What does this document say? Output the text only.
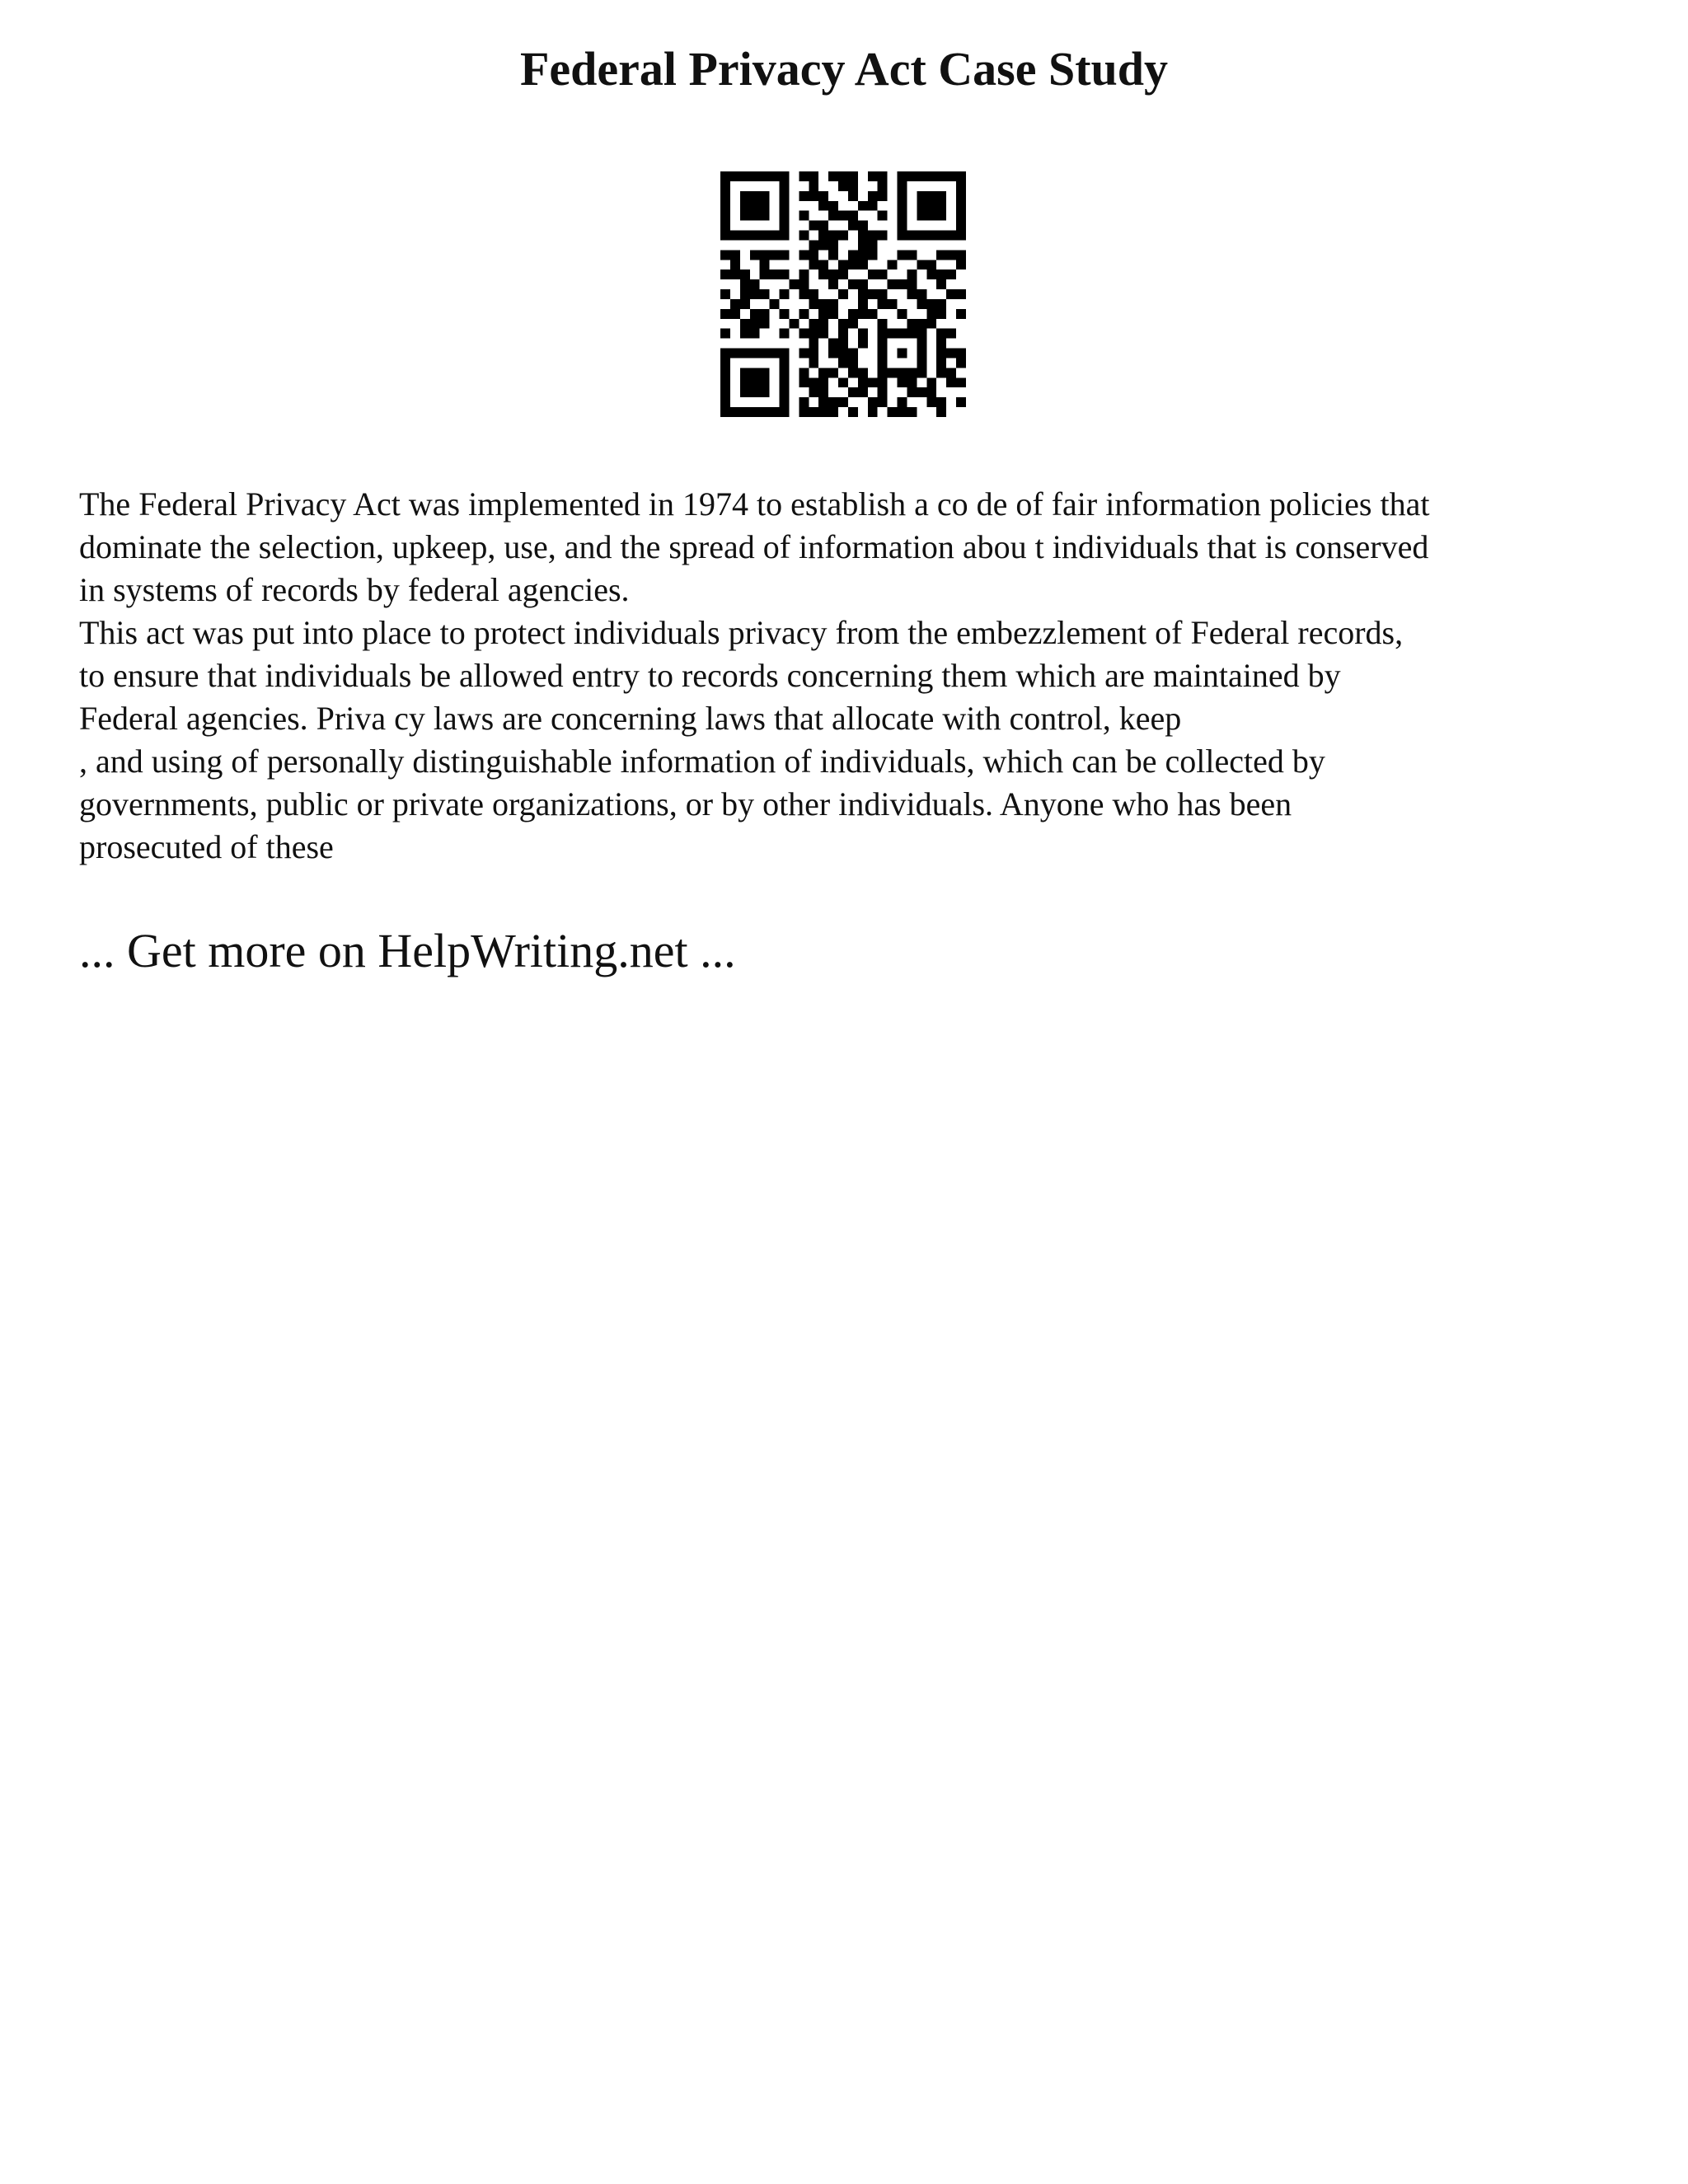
Federal Privacy Act Case Study

The Federal Privacy Act was implemented in 1974 to establish a co de of fair information policies that
dominate the selection, upkeep, use, and the spread of information abou t individuals that is conserved
in systems of records by federal agencies.

This act was put into place to protect individuals privacy from the embezzlement of Federal records,
to ensure that individuals be allowed entry to records concerning them which are maintained by
Federal agencies. Priva cy laws are concerning laws that allocate with control, keep
, and using of personally distinguishable information of individuals, which can be collected by
governments, public or private organizations, or by other individuals. Anyone who has been
prosecuted of these

... Get more on HelpWriting.net ...
